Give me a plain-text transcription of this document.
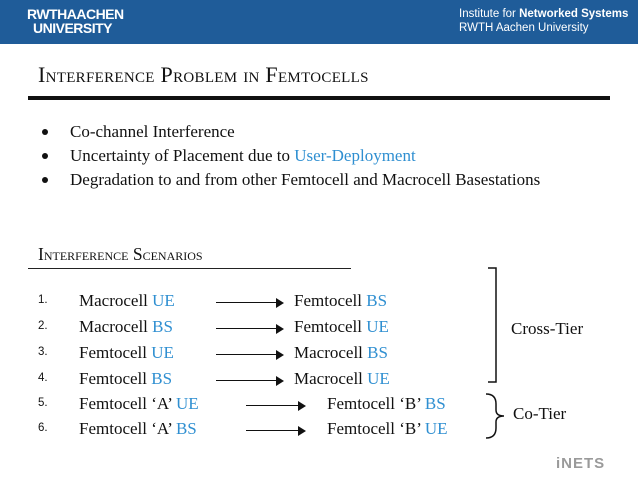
RWTHAACHEN
UNIVERSITY
Institute for Networked Systems
RWTH Aachen University
Interference Problem in Femtocells
Co-channel Interference
Uncertainty of Placement due to User-Deployment
Degradation to and from other Femtocell and Macrocell Basestations
Interference Scenarios
1. Macrocell UE	Femtocell BS
2. Macrocell BS	Femtocell UE
3. Femtocell UE	Macrocell BS
4. Femtocell BS	Macrocell UE
5. Femtocell ‘A’ UE	Femtocell ‘B’ BS
6. Femtocell ‘A’ BS	Femtocell ‘B’ UE
Cross-Tier
Co-Tier
iNETS
